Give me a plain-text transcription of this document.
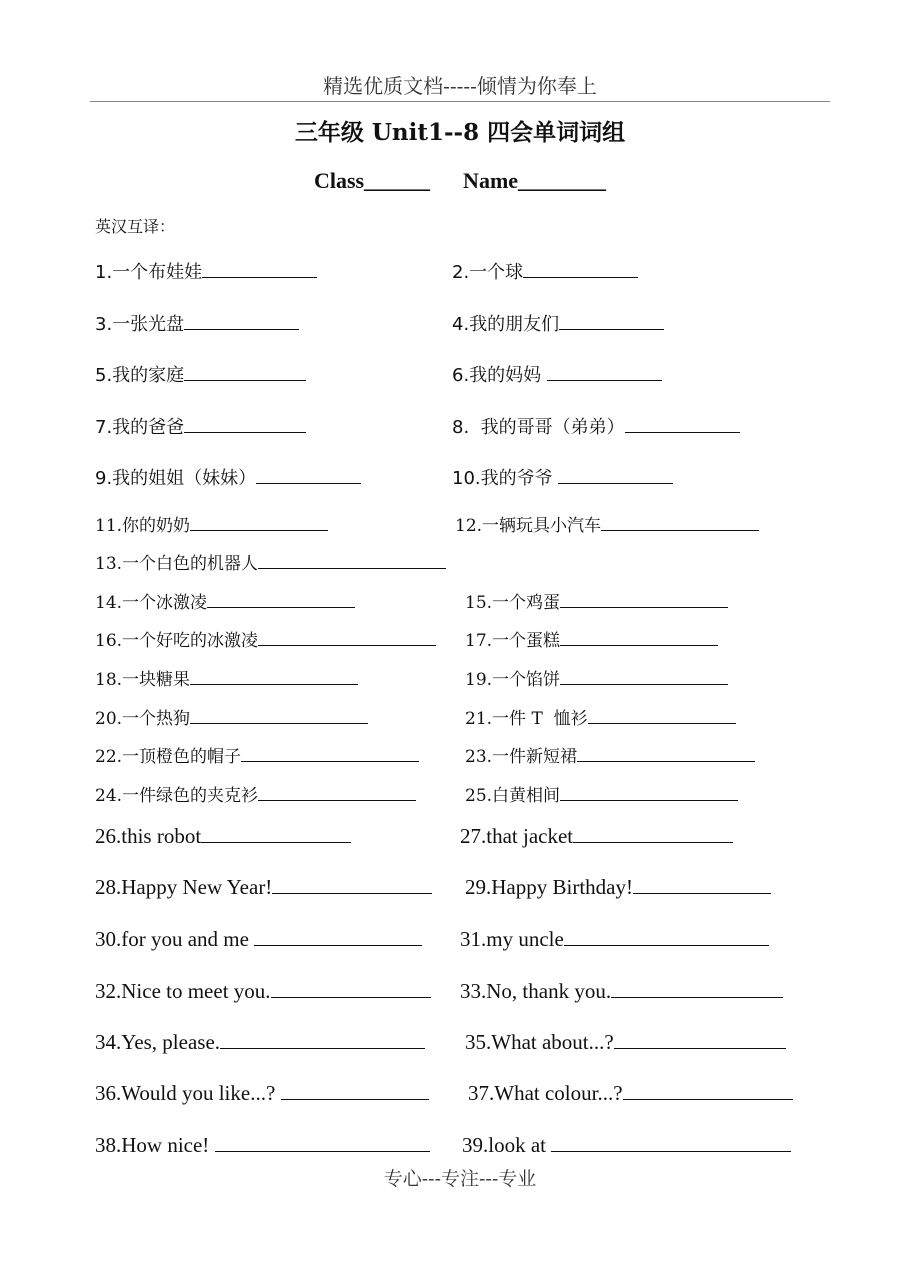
精选优质文档-----倾情为你奉上
三年级 Unit1--8 四会单词词组
Class______      Name________
英汉互译：
1.一个布娃娃	2.一个球
3.一张光盘	4.我的朋友们
5.我的家庭	6.我的妈妈
7.我的爸爸	8.  我的哥哥（弟弟）
9.我的姐姐（妹妹）	10.我的爷爷
11.你的奶奶	12.一辆玩具小汽车
13.一个白色的机器人
14.一个冰激凌	15.一个鸡蛋
16.一个好吃的冰激凌	17.一个蛋糕
18.一块糖果	19.一个馅饼
20.一个热狗	21.一件 T  恤衫
22.一顶橙色的帽子	23.一件新短裙
24.一件绿色的夹克衫	25.白黄相间
26.this robot	27.that jacket
28.Happy New Year!	29.Happy Birthday!
30.for you and me	31.my uncle
32.Nice to meet you.	33.No, thank you.
34.Yes, please.	35.What about...?
36.Would you like...?	37.What colour...?
38.How nice!	39.look at
专心---专注---专业
